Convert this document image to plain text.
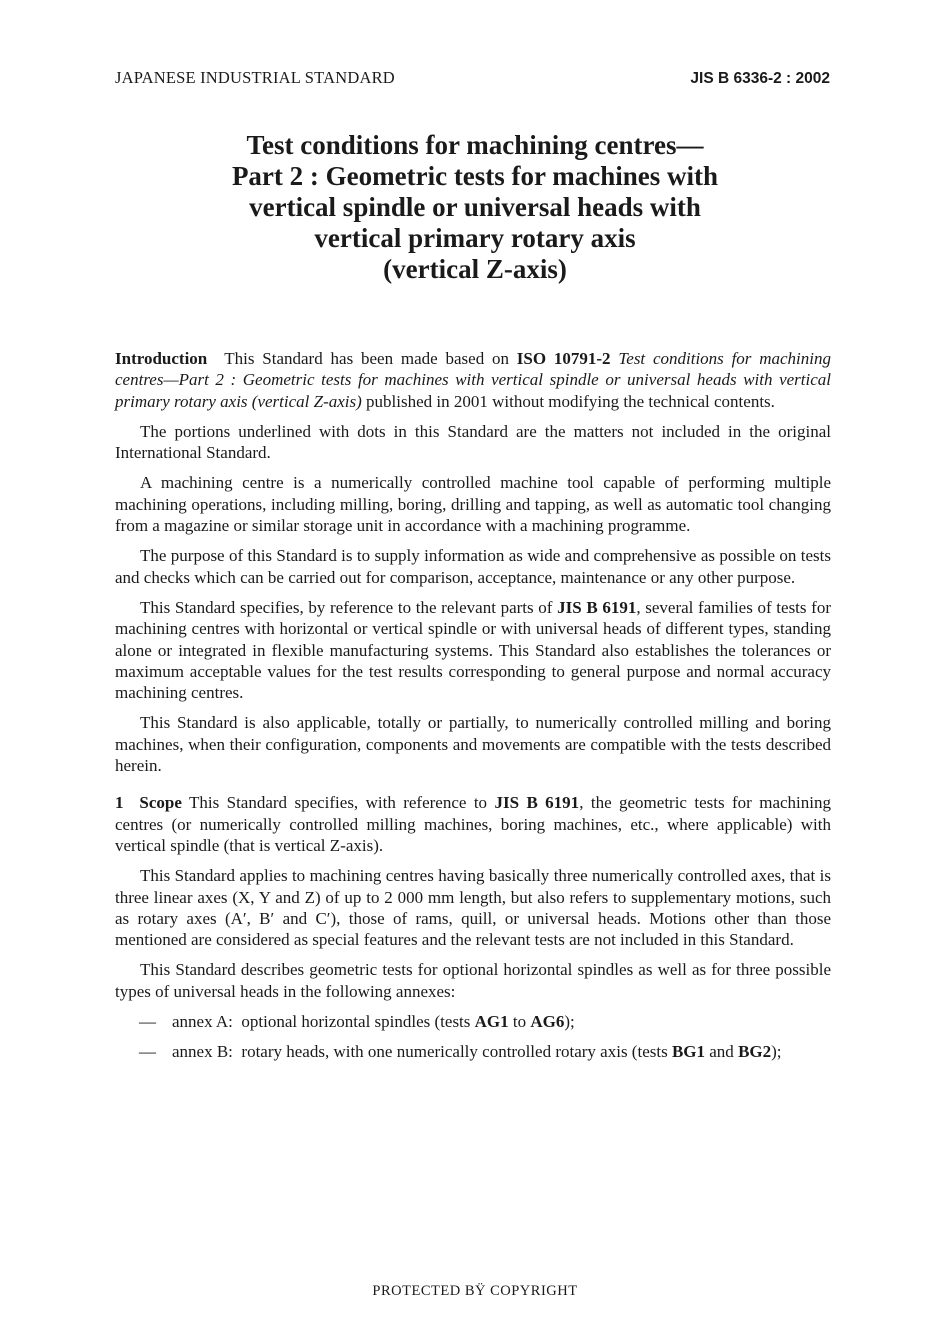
JAPANESE INDUSTRIAL STANDARD	JIS B 6336-2 : 2002
Test conditions for machining centres—
Part 2 : Geometric tests for machines with
vertical spindle or universal heads with
vertical primary rotary axis
(vertical Z-axis)

Introduction   This Standard has been made based on ISO 10791-2 Test conditions for machining centres—Part 2 : Geometric tests for machines with vertical spindle or universal heads with vertical primary rotary axis (vertical Z-axis) published in 2001 without modifying the technical contents.

The portions underlined with dots in this Standard are the matters not included in the original International Standard.

A machining centre is a numerically controlled machine tool capable of performing multiple machining operations, including milling, boring, drilling and tapping, as well as automatic tool changing from a magazine or similar storage unit in accordance with a machining programme.

The purpose of this Standard is to supply information as wide and comprehensive as possible on tests and checks which can be carried out for comparison, acceptance, maintenance or any other purpose.

This Standard specifies, by reference to the relevant parts of JIS B 6191, several families of tests for machining centres with horizontal or vertical spindle or with universal heads of different types, standing alone or integrated in flexible manufacturing systems. This Standard also establishes the tolerances or maximum acceptable values for the test results corresponding to general purpose and normal accuracy machining centres.

This Standard is also applicable, totally or partially, to numerically controlled milling and boring machines, when their configuration, components and movements are compatible with the tests described herein.

1  Scope This Standard specifies, with reference to JIS B 6191, the geometric tests for machining centres (or numerically controlled milling machines, boring machines, etc., where applicable) with vertical spindle (that is vertical Z-axis).

This Standard applies to machining centres having basically three numerically controlled axes, that is three linear axes (X, Y and Z) of up to 2 000 mm length, but also refers to supplementary motions, such as rotary axes (A′, B′ and C′), those of rams, quill, or universal heads. Motions other than those mentioned are considered as special features and the relevant tests are not included in this Standard.

This Standard describes geometric tests for optional horizontal spindles as well as for three possible types of universal heads in the following annexes:

— annex A: optional horizontal spindles (tests AG1 to AG6);
— annex B: rotary heads, with one numerically controlled rotary axis (tests BG1 and BG2);
PROTECTED BŸ COPYRIGHT
